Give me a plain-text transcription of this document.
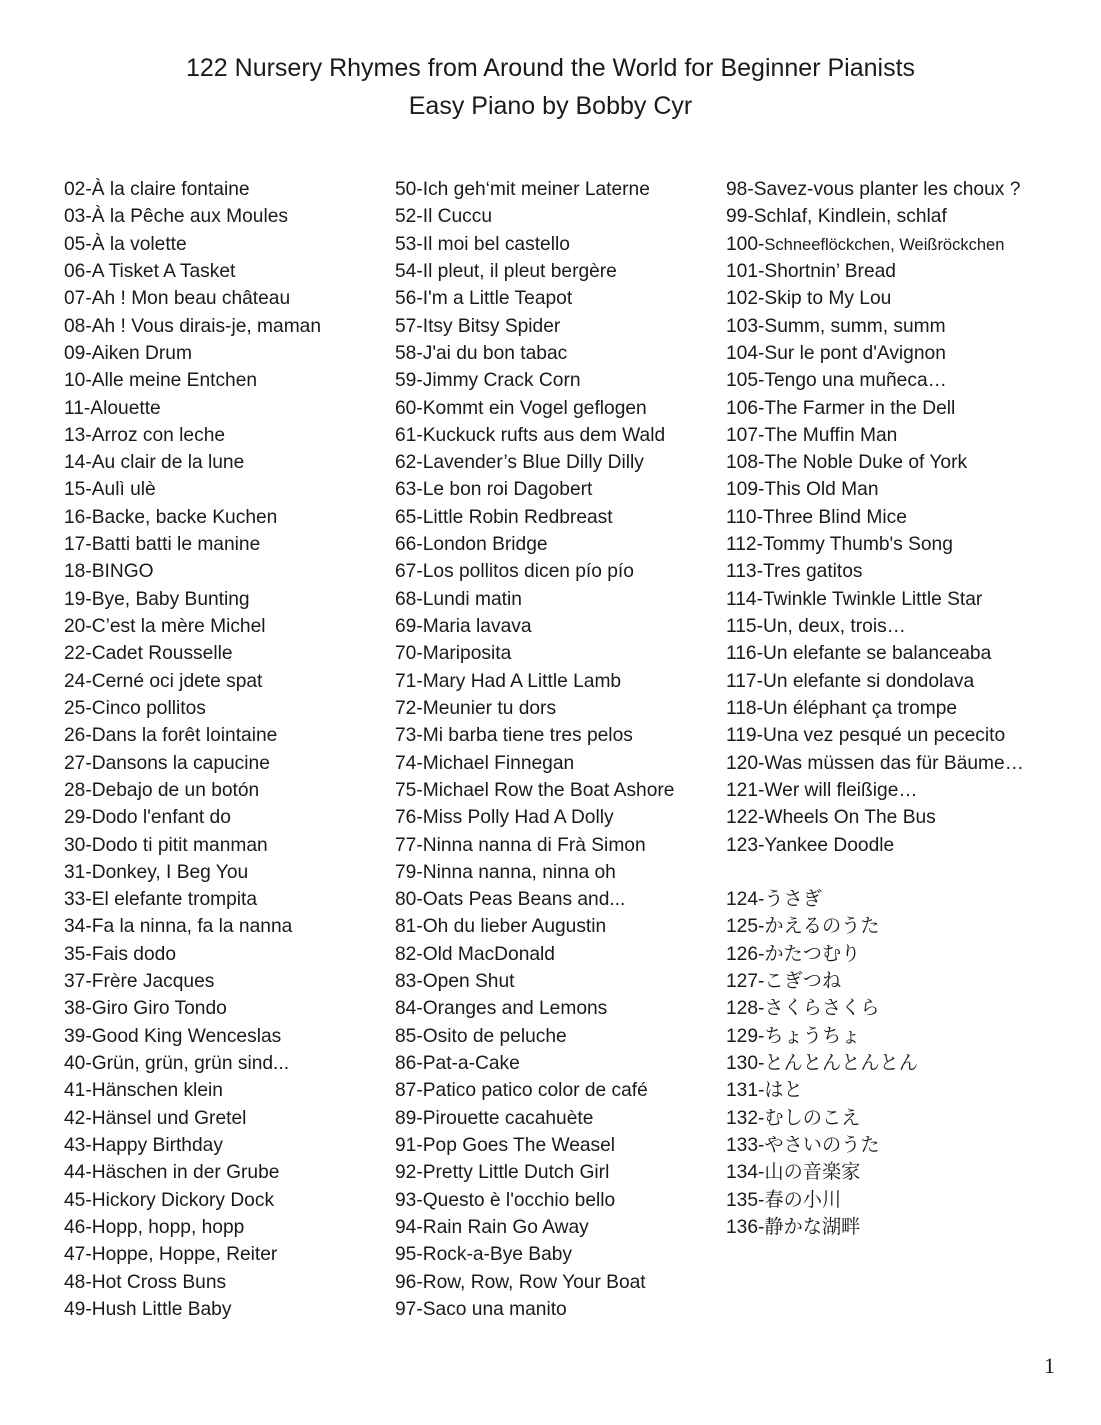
122 Nursery Rhymes from Around the World for Beginner Pianists
Easy Piano by Bobby Cyr
02-À la claire fontaine
03-À la Pêche aux Moules
05-À la volette
06-A Tisket A Tasket
07-Ah ! Mon beau château
08-Ah ! Vous dirais-je, maman
09-Aiken Drum
10-Alle meine Entchen
11-Alouette
13-Arroz con leche
14-Au clair de la lune
15-Aulì ulè
16-Backe, backe Kuchen
17-Batti batti le manine
18-BINGO
19-Bye, Baby Bunting
20-C’est la mère Michel
22-Cadet Rousselle
24-Cerné oci jdete spat
25-Cinco pollitos
26-Dans la forêt lointaine
27-Dansons la capucine
28-Debajo de un botón
29-Dodo l'enfant do
30-Dodo ti pitit manman
31-Donkey, I Beg You
33-El elefante trompita
34-Fa la ninna, fa la nanna
35-Fais dodo
37-Frère Jacques
38-Giro Giro Tondo
39-Good King Wenceslas
40-Grün, grün, grün sind...
41-Hänschen klein
42-Hänsel und Gretel
43-Happy Birthday
44-Häschen in der Grube
45-Hickory Dickory Dock
46-Hopp, hopp, hopp
47-Hoppe, Hoppe, Reiter
48-Hot Cross Buns
49-Hush Little Baby
50-Ich geh‘mit meiner Laterne
52-Il Cuccu
53-Il moi bel castello
54-Il pleut, il pleut bergère
56-I'm a Little Teapot
57-Itsy Bitsy Spider
58-J'ai du bon tabac
59-Jimmy Crack Corn
60-Kommt ein Vogel geflogen
61-Kuckuck rufts aus dem Wald
62-Lavender’s Blue Dilly Dilly
63-Le bon roi Dagobert
65-Little Robin Redbreast
66-London Bridge
67-Los pollitos dicen pío pío
68-Lundi matin
69-Maria lavava
70-Mariposita
71-Mary Had A Little Lamb
72-Meunier tu dors
73-Mi barba tiene tres pelos
74-Michael Finnegan
75-Michael Row the Boat Ashore
76-Miss Polly Had A Dolly
77-Ninna nanna di Frà Simon
79-Ninna nanna, ninna oh
80-Oats Peas Beans and...
81-Oh du lieber Augustin
82-Old MacDonald
83-Open Shut
84-Oranges and Lemons
85-Osito de peluche
86-Pat-a-Cake
87-Patico patico color de café
89-Pirouette cacahuète
91-Pop Goes The Weasel
92-Pretty Little Dutch Girl
93-Questo è l'occhio bello
94-Rain Rain Go Away
95-Rock-a-Bye Baby
96-Row, Row, Row Your Boat
97-Saco una manito
98-Savez-vous planter les choux ?
99-Schlaf, Kindlein, schlaf
100-Schneeflöckchen, Weißröckchen
101-Shortnin’ Bread
102-Skip to My Lou
103-Summ, summ, summ
104-Sur le pont d'Avignon
105-Tengo una muñeca…
106-The Farmer in the Dell
107-The Muffin Man
108-The Noble Duke of York
109-This Old Man
110-Three Blind Mice
112-Tommy Thumb's Song
113-Tres gatitos
114-Twinkle Twinkle Little Star
115-Un, deux, trois…
116-Un elefante se balanceaba
117-Un elefante si dondolava
118-Un éléphant ça trompe
119-Una vez pesqué un pececito
120-Was müssen das für Bäume…
121-Wer will fleißige…
122-Wheels On The Bus
123-Yankee Doodle
124-うさぎ
125-かえるのうた
126-かたつむり
127-こぎつね
128-さくらさくら
129-ちょうちょ
130-とんとんとんとん
131-はと
132-むしのこえ
133-やさいのうた
134-山の音楽家
135-春の小川
136-静かな湖畔
1
